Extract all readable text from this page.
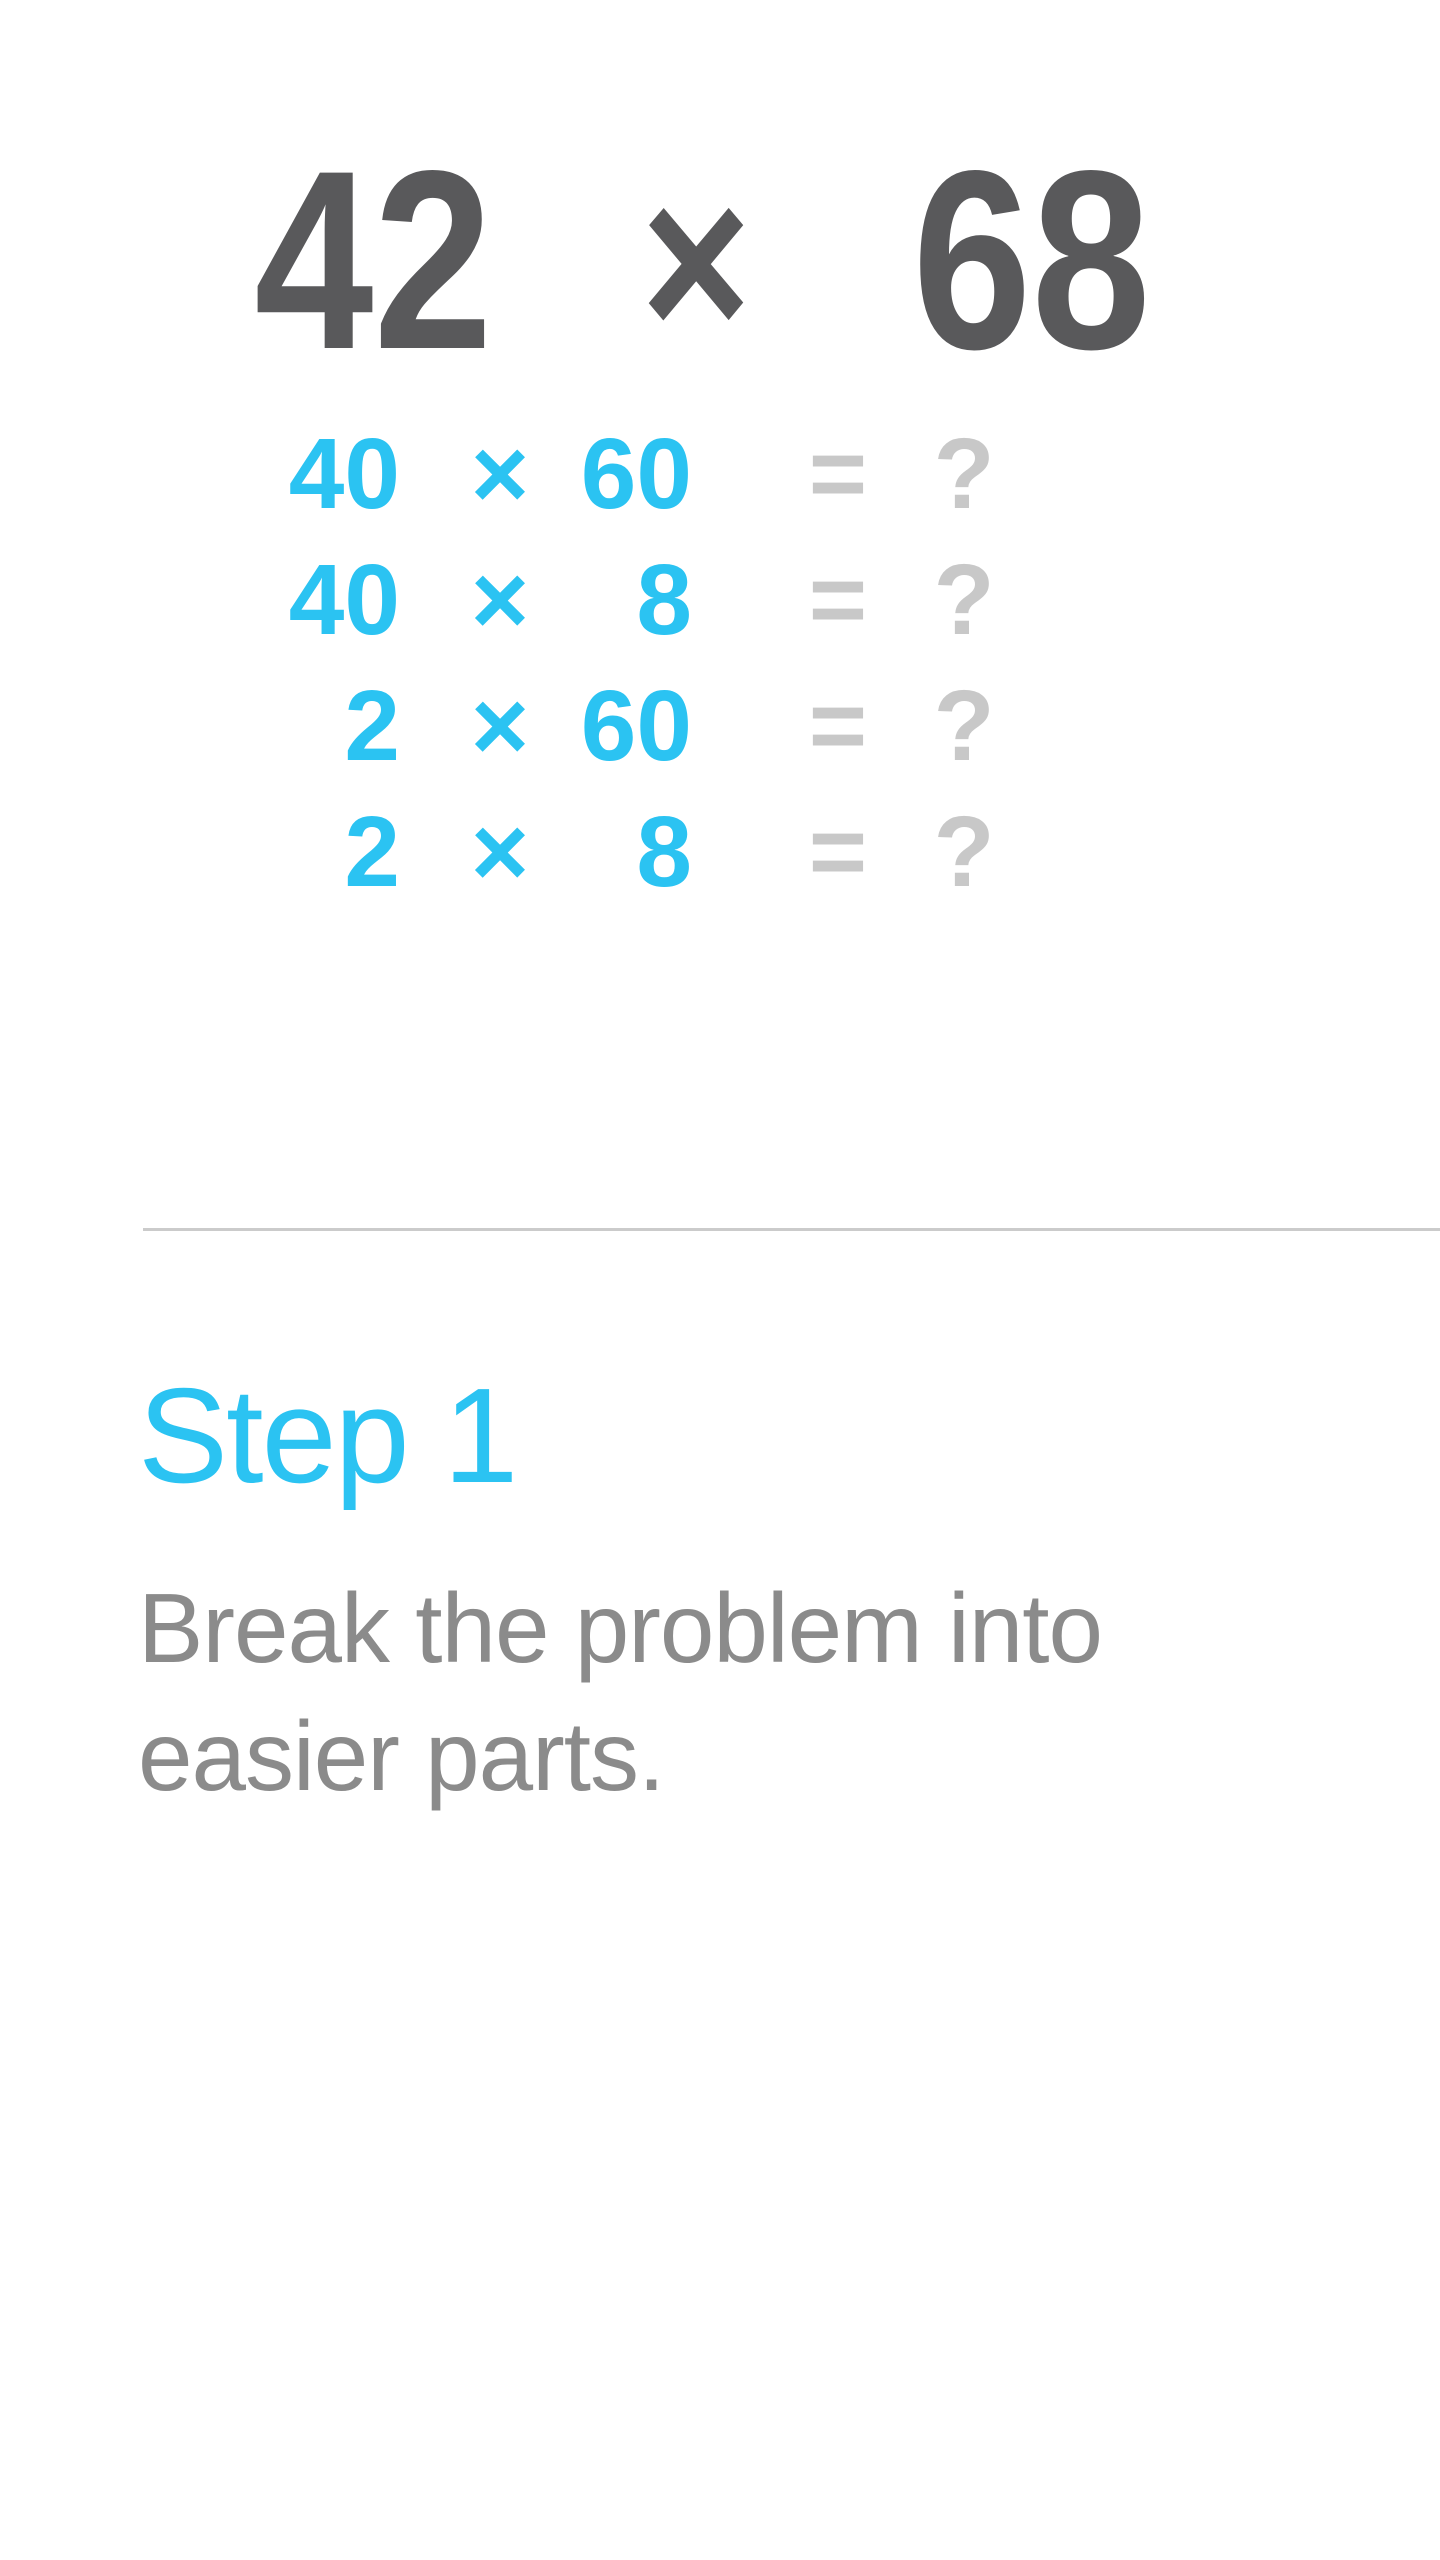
42 × 68
40 × 60	= ?
40 ×	8	= ?
2 × 60	= ?
2 ×	8	= ?
Step 1
Break the problem into easier parts.
